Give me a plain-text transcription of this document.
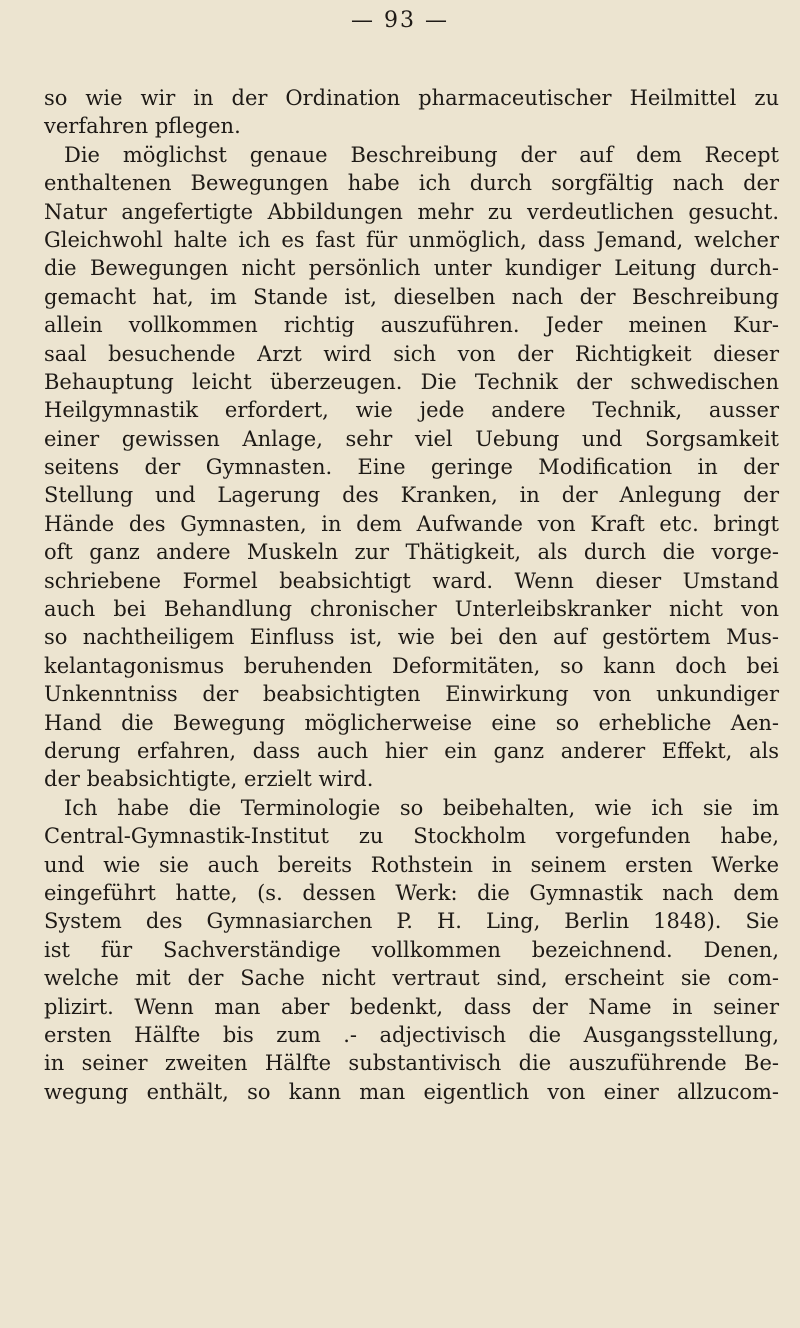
— 93 —
so wie wir in der Ordination pharmaceutischer Heilmittel zu
verfahren pflegen.
Die möglichst genaue Beschreibung der auf dem Recept
enthaltenen Bewegungen habe ich durch sorgfältig nach der
Natur angefertigte Abbildungen mehr zu verdeutlichen gesucht.
Gleichwohl halte ich es fast für unmöglich, dass Jemand, welcher
die Bewegungen nicht persönlich unter kundiger Leitung durch-
gemacht hat, im Stande ist, dieselben nach der Beschreibung
allein vollkommen richtig auszuführen. Jeder meinen Kur-
saal besuchende Arzt wird sich von der Richtigkeit dieser
Behauptung leicht überzeugen. Die Technik der schwedischen
Heilgymnastik erfordert, wie jede andere Technik, ausser
einer gewissen Anlage, sehr viel Uebung und Sorgsamkeit
seitens der Gymnasten. Eine geringe Modification in der
Stellung und Lagerung des Kranken, in der Anlegung der
Hände des Gymnasten, in dem Aufwande von Kraft etc. bringt
oft ganz andere Muskeln zur Thätigkeit, als durch die vorge-
schriebene Formel beabsichtigt ward. Wenn dieser Umstand
auch bei Behandlung chronischer Unterleibskranker nicht von
so nachtheiligem Einfluss ist, wie bei den auf gestörtem Mus-
kelantagonismus beruhenden Deformitäten, so kann doch bei
Unkenntniss der beabsichtigten Einwirkung von unkundiger
Hand die Bewegung möglicherweise eine so erhebliche Aen-
derung erfahren, dass auch hier ein ganz anderer Effekt, als
der beabsichtigte, erzielt wird.
Ich habe die Terminologie so beibehalten, wie ich sie im
Central-Gymnastik-Institut zu Stockholm vorgefunden habe,
und wie sie auch bereits Rothstein in seinem ersten Werke
eingeführt hatte, (s. dessen Werk: die Gymnastik nach dem
System des Gymnasiarchen P. H. Ling, Berlin 1848). Sie
ist für Sachverständige vollkommen bezeichnend. Denen,
welche mit der Sache nicht vertraut sind, erscheint sie com-
plizirt. Wenn man aber bedenkt, dass der Name in seiner
ersten Hälfte bis zum .- adjectivisch die Ausgangsstellung,
in seiner zweiten Hälfte substantivisch die auszuführende Be-
wegung enthält, so kann man eigentlich von einer allzucom-
